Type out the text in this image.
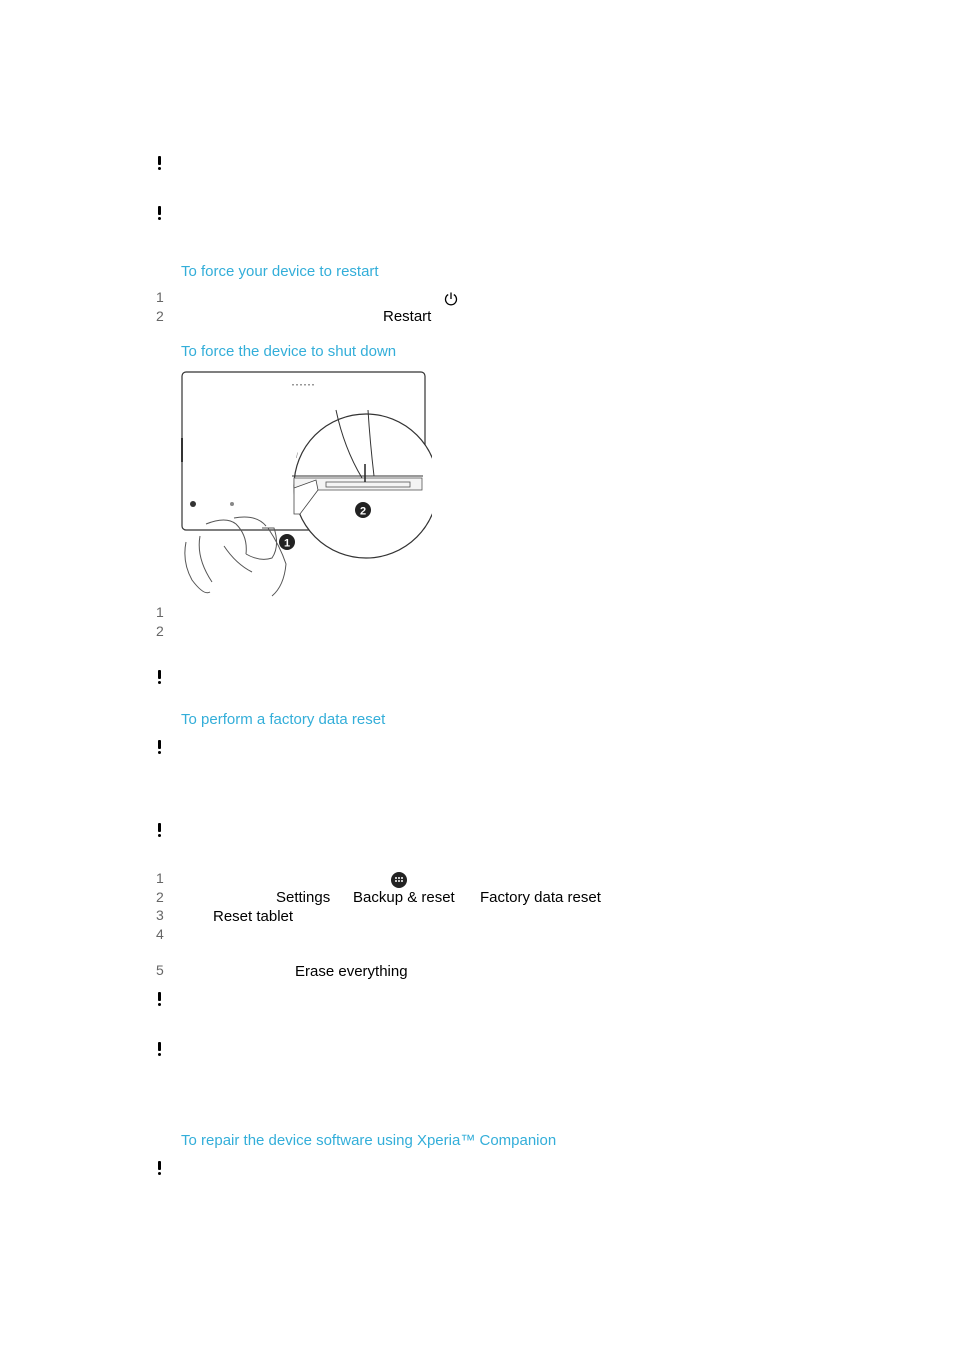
To force your device to restart
1
2	Restart
To force the device to shut down
/
2
1
1
2
To perform a factory data reset
1
2	Settings Backup & reset Factory data reset
3	Reset tablet
4
5	Erase everything
To repair the device software using Xperia™ Companion
